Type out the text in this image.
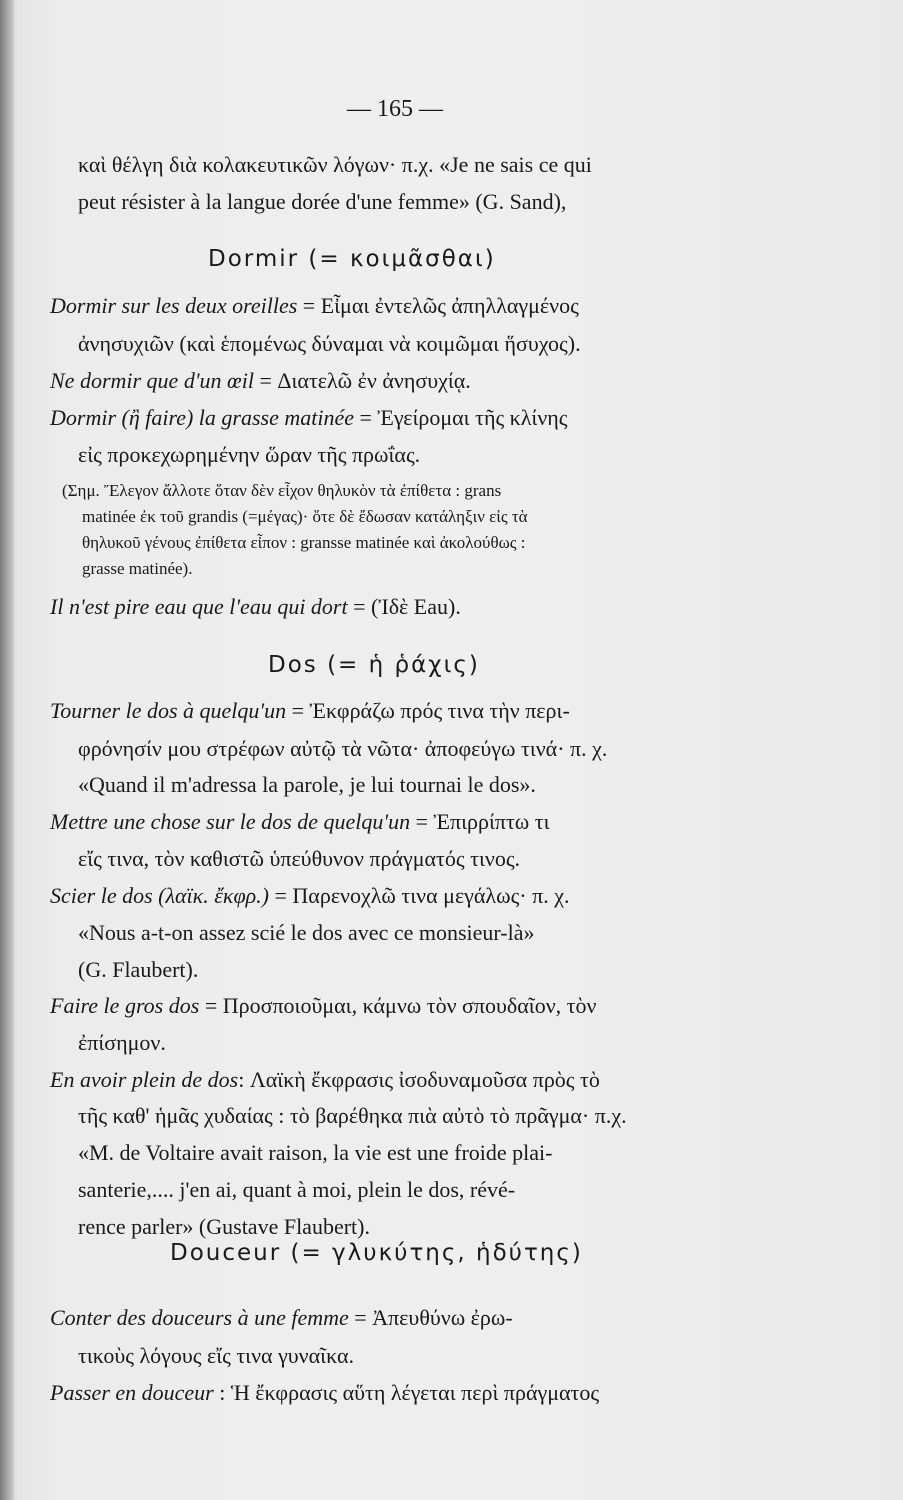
— 165 —
Dormir (= κοιμᾶσθαι)
Dos (= ἡ ῥάχις)
Douceur (= γλυκύτης, ἡδύτης)
καὶ θέλγη διὰ κολακευτικῶν λόγων· π.χ. «Je ne sais ce qui
peut résister à la langue dorée d'une femme» (G. Sand),
Dormir sur les deux oreilles = Εἶμαι ἐντελῶς ἀπηλλαγμένος
ἀνησυχιῶν (καὶ ἑπομένως δύναμαι νὰ κοιμῶμαι ἥσυχος).
Ne dormir que d'un œil = Διατελῶ ἐν ἀνησυχίᾳ.
Dormir (ἢ faire) la grasse matinée = Ἐγείρομαι τῆς κλίνης
εἰς προκεχωρημένην ὥραν τῆς πρωΐας.
(Σημ. Ἔλεγον ἄλλοτε ὅταν δὲν εἶχον θηλυκὸν τὰ ἐπίθετα : grans
matinée ἐκ τοῦ grandis (=μέγας)· ὅτε δὲ ἔδωσαν κατάληξιν εἰς τὰ
θηλυκοῦ γένους ἐπίθετα εἶπον : gransse matinée καὶ ἀκολούθως :
grasse matinée).
Il n'est pire eau que l'eau qui dort = (Ἰδὲ Eau).
Tourner le dos à quelqu'un = Ἐκφράζω πρός τινα τὴν περι-
φρόνησίν μου στρέφων αὐτῷ τὰ νῶτα· ἀποφεύγω τινά· π. χ.
«Quand il m'adressa la parole, je lui tournai le dos».
Mettre une chose sur le dos de quelqu'un = Ἐπιρρίπτω τι
εἴς τινα, τὸν καθιστῶ ὑπεύθυνον πράγματός τινος.
Scier le dos (λαϊκ. ἔκφρ.) = Παρενοχλῶ τινα μεγάλως· π. χ.
«Nous a-t-on assez scié le dos avec ce monsieur-là»
(G. Flaubert).
Faire le gros dos = Προσποιοῦμαι, κάμνω τὸν σπουδαῖον, τὸν
ἐπίσημον.
En avoir plein de dos: Λαϊκὴ ἔκφρασις ἰσοδυναμοῦσα πρὸς τὸ
τῆς καθ' ἡμᾶς χυδαίας : τὸ βαρέθηκα πιὰ αὐτὸ τὸ πρᾶγμα· π.χ.
«M. de Voltaire avait raison, la vie est une froide plai-
santerie,.... j'en ai, quant à moi, plein le dos, révé-
rence parler» (Gustave Flaubert).
Conter des douceurs à une femme = Ἀπευθύνω ἐρω-
τικοὺς λόγους εἴς τινα γυναῖκα.
Passer en douceur : Ἡ ἔκφρασις αὕτη λέγεται περὶ πράγματος
